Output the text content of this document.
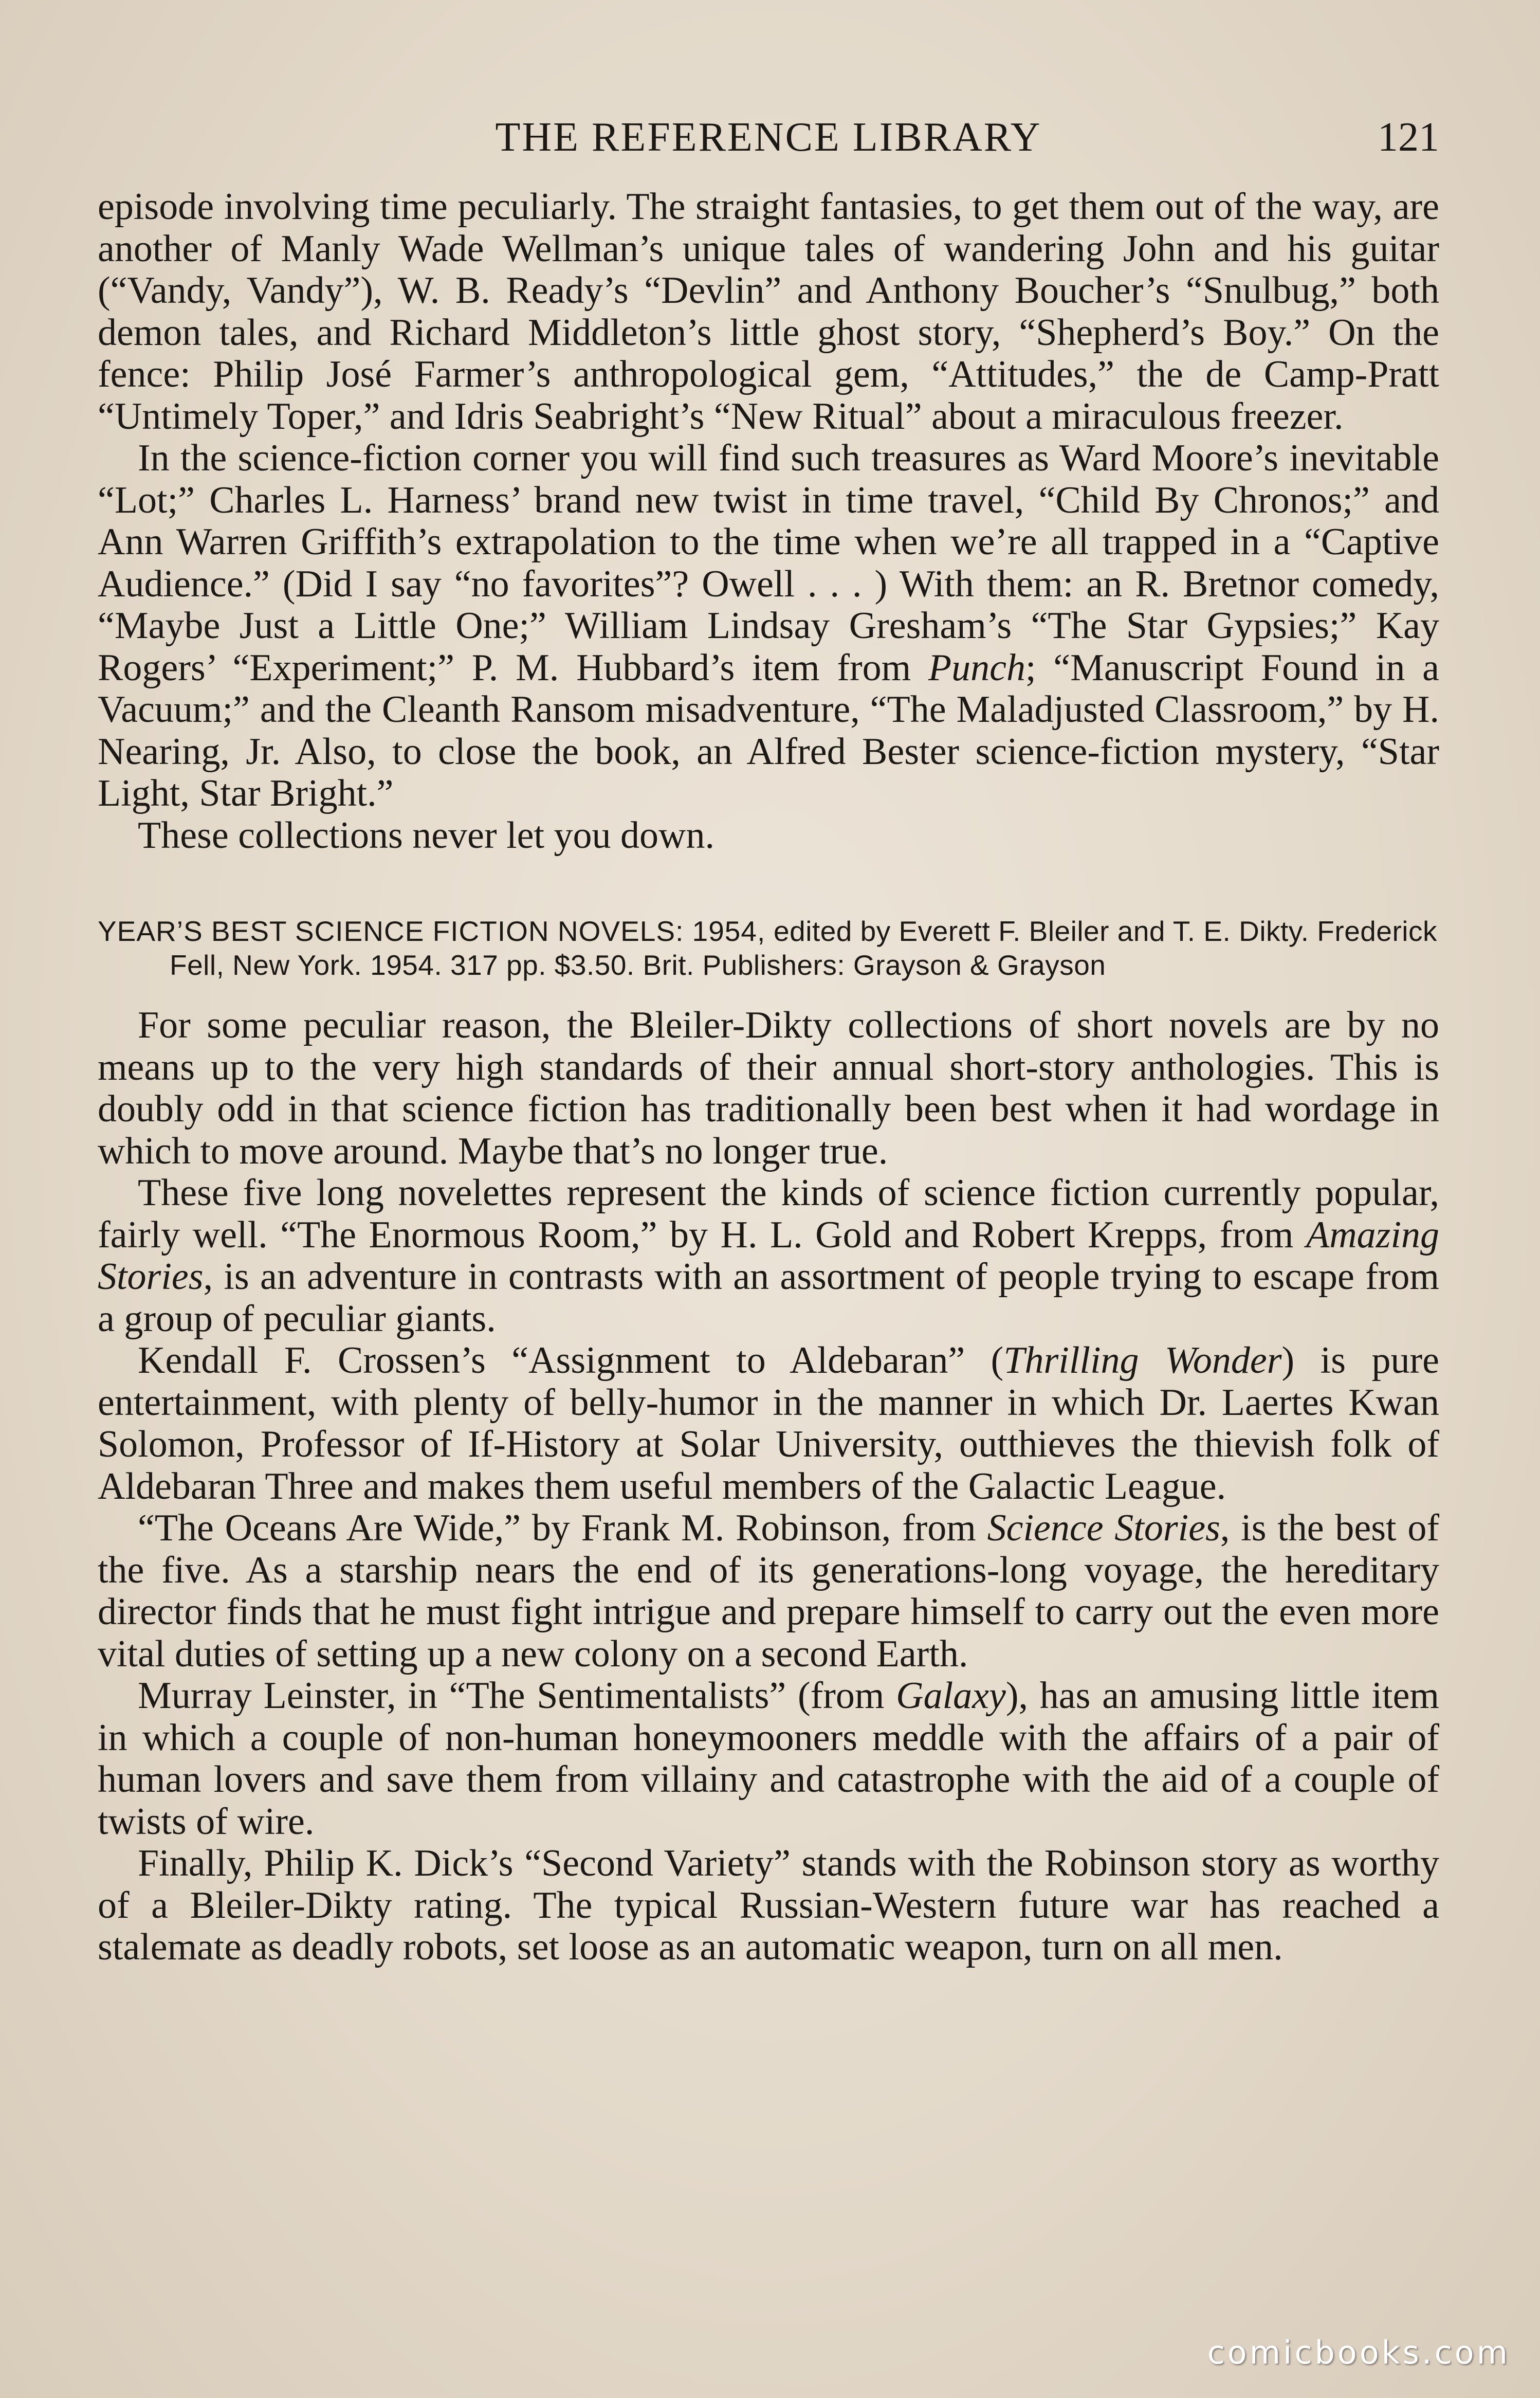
THE REFERENCE LIBRARY	121

episode involving time peculiarly. The straight fantasies, to get them out of the way, are another of Manly Wade Wellman’s unique tales of wandering John and his guitar (“Vandy, Vandy”), W. B. Ready’s “Devlin” and Anthony Boucher’s “Snulbug,” both demon tales, and Richard Middleton’s little ghost story, “Shepherd’s Boy.” On the fence: Philip José Farmer’s anthropological gem, “Attitudes,” the de Camp-Pratt “Untimely Toper,” and Idris Seabright’s “New Ritual” about a miraculous freezer.

In the science-fiction corner you will find such treasures as Ward Moore’s inevitable “Lot;” Charles L. Harness’ brand new twist in time travel, “Child By Chronos;” and Ann Warren Griffith’s extrapolation to the time when we’re all trapped in a “Captive Audience.” (Did I say “no favorites”? Owell . . . ) With them: an R. Bretnor comedy, “Maybe Just a Little One;” William Lindsay Gresham’s “The Star Gypsies;” Kay Rogers’ “Experiment;” P. M. Hubbard’s item from Punch; “Manuscript Found in a Vacuum;” and the Cleanth Ransom misadventure, “The Maladjusted Classroom,” by H. Nearing, Jr. Also, to close the book, an Alfred Bester science-fiction mystery, “Star Light, Star Bright.”

These collections never let you down.

YEAR’S BEST SCIENCE FICTION NOVELS: 1954, edited by Everett F. Bleiler and T. E. Dikty. Frederick Fell, New York. 1954. 317 pp. $3.50. Brit. Publishers: Grayson & Grayson

For some peculiar reason, the Bleiler-Dikty collections of short novels are by no means up to the very high standards of their annual short-story anthologies. This is doubly odd in that science fiction has traditionally been best when it had wordage in which to move around. Maybe that’s no longer true.

These five long novelettes represent the kinds of science fiction currently popular, fairly well. “The Enormous Room,” by H. L. Gold and Robert Krepps, from Amazing Stories, is an adventure in contrasts with an assortment of people trying to escape from a group of peculiar giants.

Kendall F. Crossen’s “Assignment to Aldebaran” (Thrilling Wonder) is pure entertainment, with plenty of belly-humor in the manner in which Dr. Laertes Kwan Solomon, Professor of If-History at Solar University, outthieves the thievish folk of Aldebaran Three and makes them useful members of the Galactic League.

“The Oceans Are Wide,” by Frank M. Robinson, from Science Stories, is the best of the five. As a starship nears the end of its generations-long voyage, the hereditary director finds that he must fight intrigue and prepare himself to carry out the even more vital duties of setting up a new colony on a second Earth.

Murray Leinster, in “The Sentimentalists” (from Galaxy), has an amusing little item in which a couple of non-human honeymooners meddle with the affairs of a pair of human lovers and save them from villainy and catastrophe with the aid of a couple of twists of wire.

Finally, Philip K. Dick’s “Second Variety” stands with the Robinson story as worthy of a Bleiler-Dikty rating. The typical Russian-Western future war has reached a stalemate as deadly robots, set loose as an automatic weapon, turn on all men.

comicbooks.com
